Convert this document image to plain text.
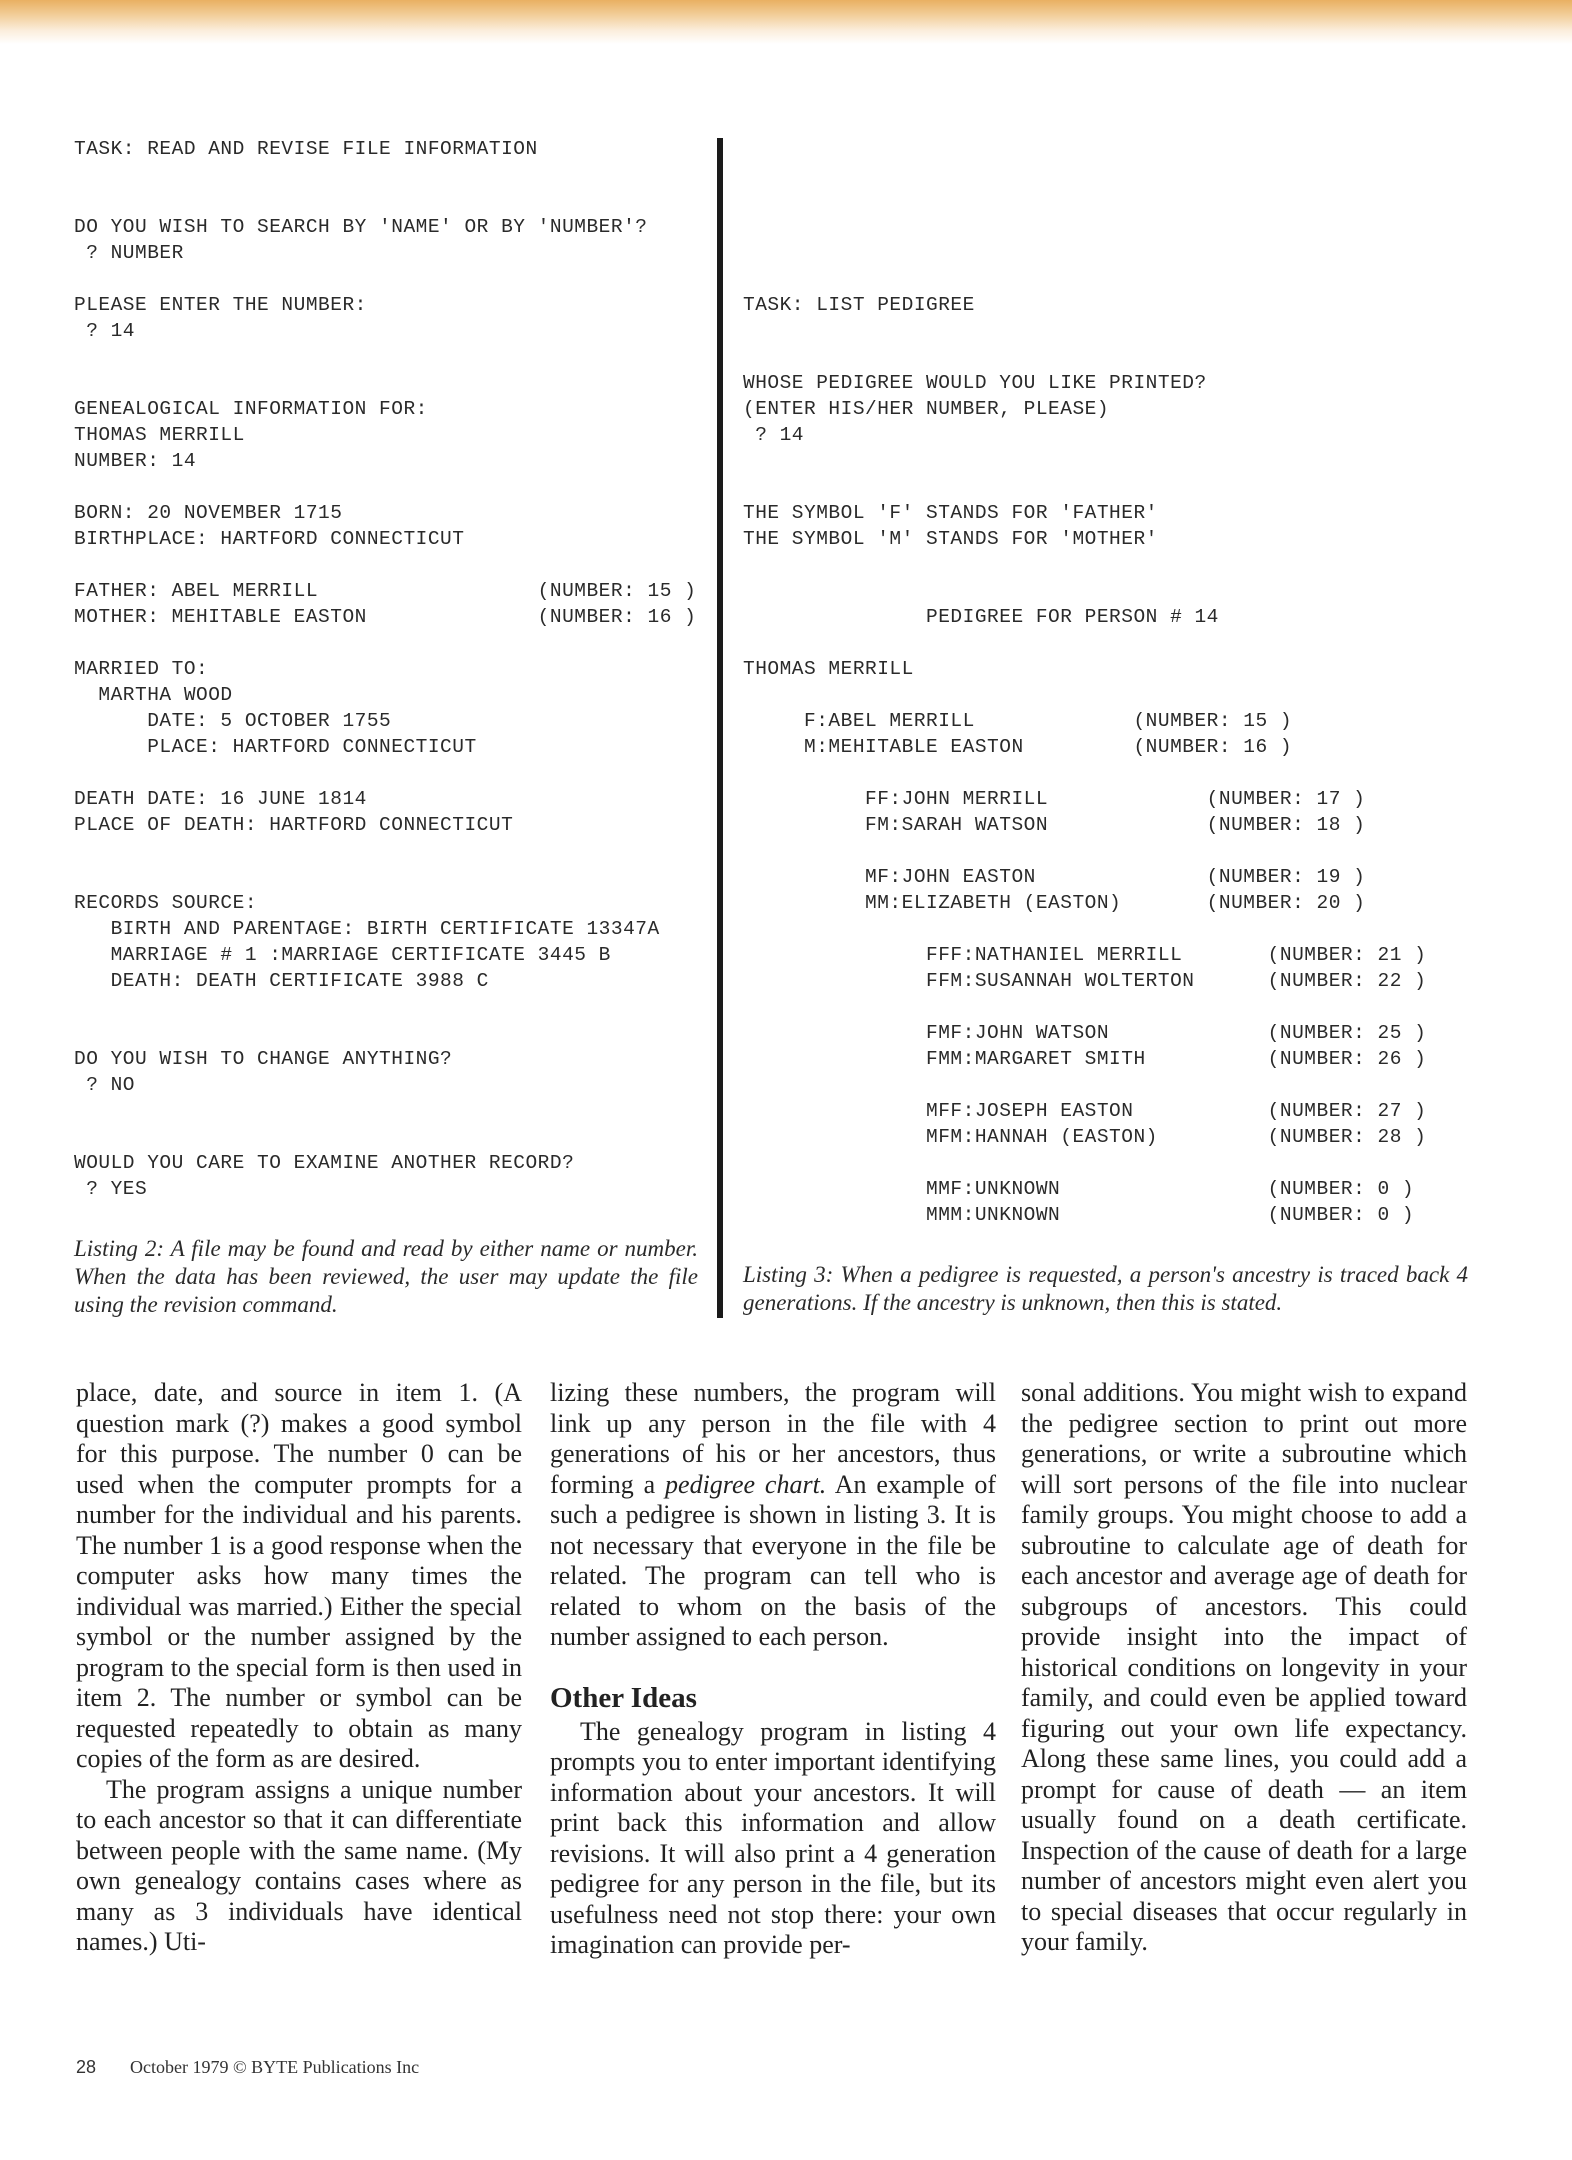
TASK: READ AND REVISE FILE INFORMATION

DO YOU WISH TO SEARCH BY 'NAME' OR BY 'NUMBER'?
? NUMBER

PLEASE ENTER THE NUMBER:
? 14

GENEALOGICAL INFORMATION FOR:
THOMAS MERRILL
NUMBER: 14

BORN: 20 NOVEMBER 1715
BIRTHPLACE: HARTFORD CONNECTICUT

FATHER: ABEL MERRILL                  (NUMBER: 15 )
MOTHER: MEHITABLE EASTON              (NUMBER: 16 )

MARRIED TO:
MARTHA WOOD
DATE: 5 OCTOBER 1755
PLACE: HARTFORD CONNECTICUT

DEATH DATE: 16 JUNE 1814
PLACE OF DEATH: HARTFORD CONNECTICUT

RECORDS SOURCE:
BIRTH AND PARENTAGE: BIRTH CERTIFICATE 13347A
MARRIAGE # 1 :MARRIAGE CERTIFICATE 3445 B
DEATH: DEATH CERTIFICATE 3988 C

DO YOU WISH TO CHANGE ANYTHING?
? NO

WOULD YOU CARE TO EXAMINE ANOTHER RECORD?
? YES
TASK: LIST PEDIGREE

WHOSE PEDIGREE WOULD YOU LIKE PRINTED?
(ENTER HIS/HER NUMBER, PLEASE)
? 14

THE SYMBOL 'F' STANDS FOR 'FATHER'
THE SYMBOL 'M' STANDS FOR 'MOTHER'

PEDIGREE FOR PERSON # 14

THOMAS MERRILL

F:ABEL MERRILL             (NUMBER: 15 )
M:MEHITABLE EASTON         (NUMBER: 16 )

FF:JOHN MERRILL             (NUMBER: 17 )
FM:SARAH WATSON             (NUMBER: 18 )

MF:JOHN EASTON              (NUMBER: 19 )
MM:ELIZABETH (EASTON)       (NUMBER: 20 )

FFF:NATHANIEL MERRILL       (NUMBER: 21 )
FFM:SUSANNAH WOLTERTON      (NUMBER: 22 )

FMF:JOHN WATSON             (NUMBER: 25 )
FMM:MARGARET SMITH          (NUMBER: 26 )

MFF:JOSEPH EASTON           (NUMBER: 27 )
MFM:HANNAH (EASTON)         (NUMBER: 28 )

MMF:UNKNOWN                 (NUMBER: 0 )
MMM:UNKNOWN                 (NUMBER: 0 )
Listing 2: A file may be found and read by either name or number. When the data has been reviewed, the user may update the file using the revision command.
Listing 3: When a pedigree is requested, a person's ancestry is traced back 4 generations. If the ancestry is unknown, then this is stated.

place, date, and source in item 1. (A question mark (?) makes a good symbol for this purpose. The number 0 can be used when the computer prompts for a number for the individual and his parents. The number 1 is a good response when the computer asks how many times the individual was married.) Either the special symbol or the number assigned by the program to the special form is then used in item 2. The number or symbol can be requested repeatedly to obtain as many copies of the form as are desired.

The program assigns a unique number to each ancestor so that it can differentiate between people with the same name. (My own genealogy contains cases where as many as 3 individuals have identical names.) Uti-

lizing these numbers, the program will link up any person in the file with 4 generations of his or her ancestors, thus forming a pedigree chart. An example of such a pedigree is shown in listing 3. It is not necessary that everyone in the file be related. The program can tell who is related to whom on the basis of the number assigned to each person.

Other Ideas

The genealogy program in listing 4 prompts you to enter important identifying information about your ancestors. It will print back this information and allow revisions. It will also print a 4 generation pedigree for any person in the file, but its usefulness need not stop there: your own imagination can provide per-

sonal additions. You might wish to expand the pedigree section to print out more generations, or write a subroutine which will sort persons of the file into nuclear family groups. You might choose to add a subroutine to calculate age of death for each ancestor and average age of death for subgroups of ancestors. This could provide insight into the impact of historical conditions on longevity in your family, and could even be applied toward figuring out your own life expectancy. Along these same lines, you could add a prompt for cause of death — an item usually found on a death certificate. Inspection of the cause of death for a large number of ancestors might even alert you to special diseases that occur regularly in your family.

28 October 1979 © BYTE Publications Inc
